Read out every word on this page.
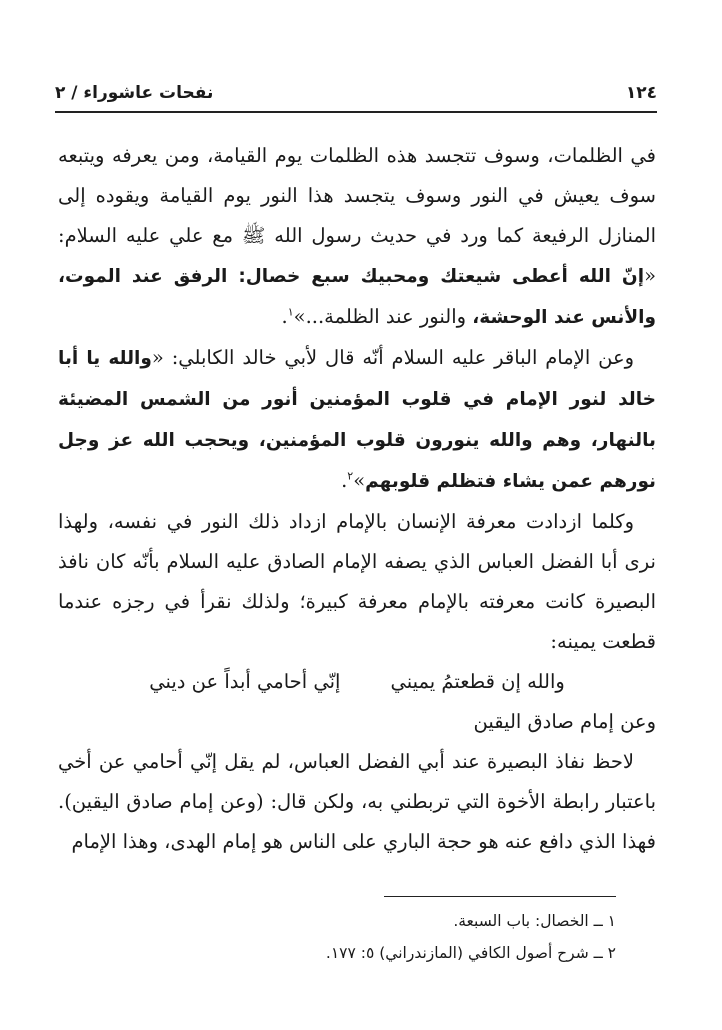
١٢٤
نفحات عاشوراء / ٢

في الظلمات، وسوف تتجسد هذه الظلمات يوم القيامة، ومن يعرفه ويتبعه سوف يعيش في النور وسوف يتجسد هذا النور يوم القيامة ويقوده إلى المنازل الرفيعة كما ورد في حديث رسول الله ﷺ مع علي عليه السلام: «إنّ الله أعطى شيعتك ومحبيك سبع خصال: الرفق عند الموت، والأنس عند الوحشة، والنور عند الظلمة...»$^١$.

وعن الإمام الباقر عليه السلام أنّه قال لأبي خالد الكابلي: «والله يا أبا خالد لنور الإمام في قلوب المؤمنين أنور من الشمس المضيئة بالنهار، وهم والله ينورون قلوب المؤمنين، ويحجب الله عز وجل نورهم عمن يشاء فتظلم قلوبهم»$^٢$.

وكلما ازدادت معرفة الإنسان بالإمام ازداد ذلك النور في نفسه، ولهذا نرى أبا الفضل العباس الذي يصفه الإمام الصادق عليه السلام بأنّه كان نافذ البصيرة كانت معرفته بالإمام معرفة كبيرة؛ ولذلك نقرأ في رجزه عندما قطعت يمينه:

والله إن قطعتمُ يميني
إنّي أحامي أبداً عن ديني
وعن إمام صادق اليقين

لاحظ نفاذ البصيرة عند أبي الفضل العباس، لم يقل إنّي أحامي عن أخي باعتبار رابطة الأخوة التي تربطني به، ولكن قال: (وعن إمام صادق اليقين). فهذا الذي دافع عنه هو حجة الباري على الناس هو إمام الهدى، وهذا الإمام

١ ــ الخصال: باب السبعة.
٢ ــ شرح أصول الكافي (المازندراني) ٥: ١٧٧.
